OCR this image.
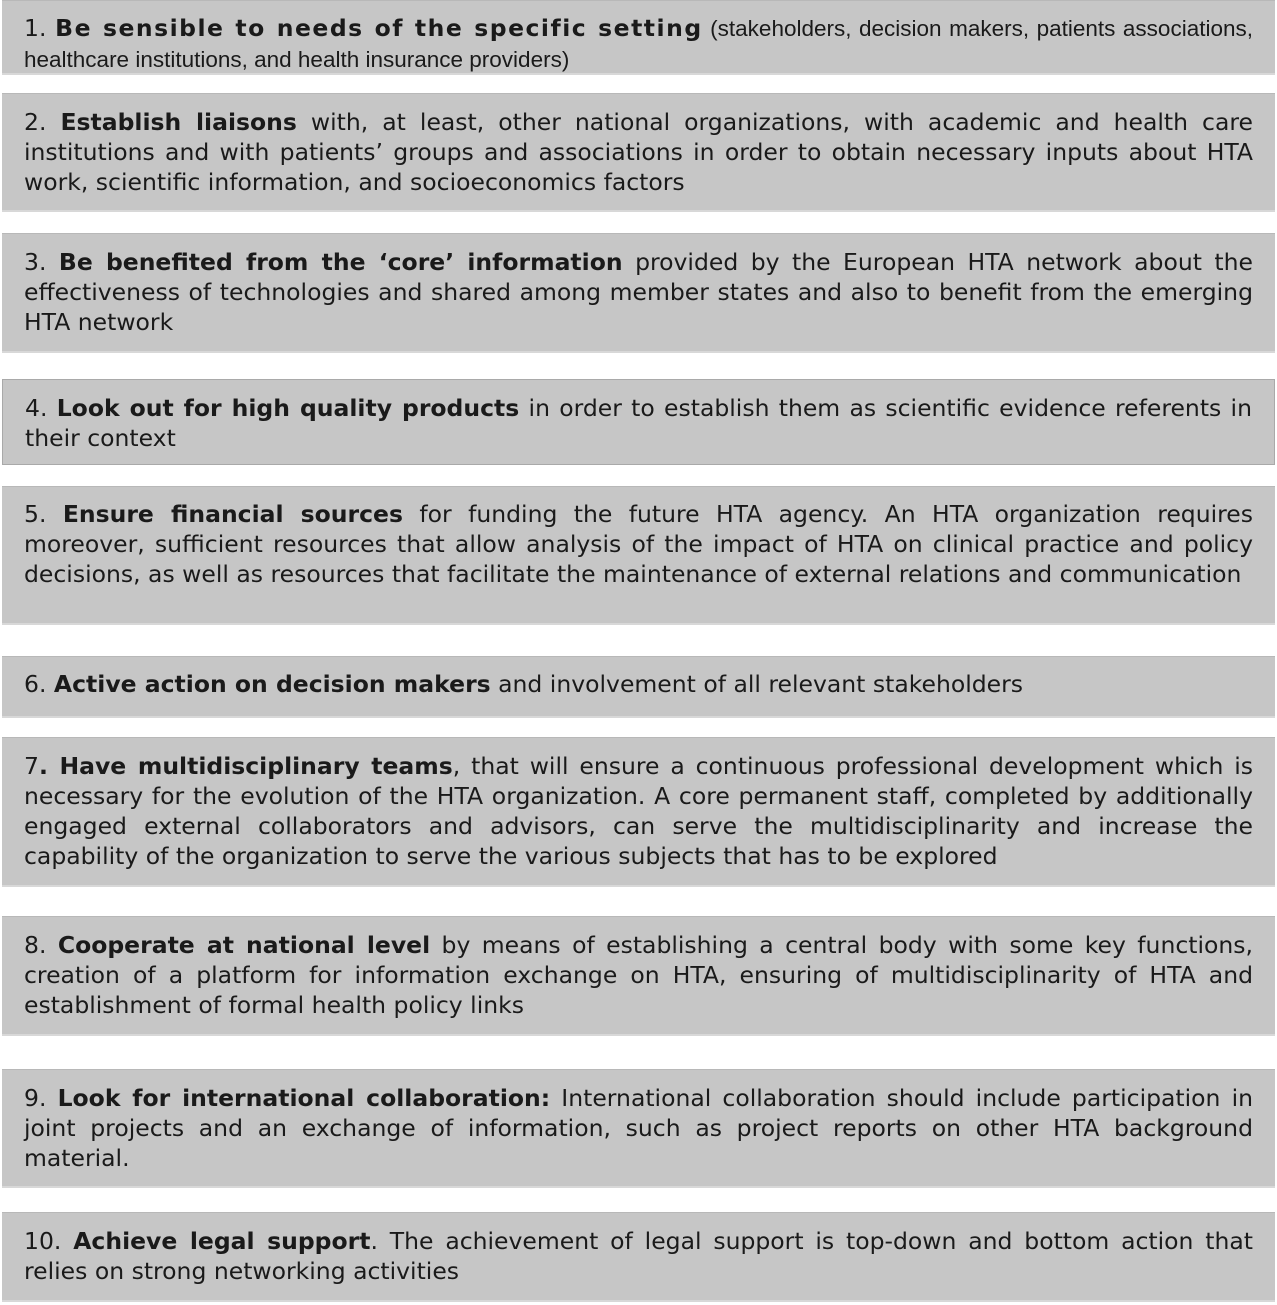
1. Be sensible to needs of the specific setting (stakeholders, decision makers, patients associations, healthcare institutions, and health insurance providers)
2. Establish liaisons with, at least, other national organizations, with academic and health care institutions and with patients’ groups and associations in order to obtain necessary inputs about HTA work, scientific information, and socioeconomics factors
3. Be benefited from the ‘core’ information provided by the European HTA network about the effectiveness of technologies and shared among member states and also to benefit from the emerging HTA network
4. Look out for high quality products in order to establish them as scientific evidence referents in their context
5. Ensure financial sources for funding the future HTA agency. An HTA organization requires moreover, sufficient resources that allow analysis of the impact of HTA on clinical practice and policy decisions, as well as resources that facilitate the maintenance of external relations and communication
6. Active action on decision makers and involvement of all relevant stakeholders
7. Have multidisciplinary teams, that will ensure a continuous professional development which is necessary for the evolution of the HTA organization. A core permanent staff, completed by additionally engaged external collaborators and advisors, can serve the multidisciplinarity and increase the capability of the organization to serve the various subjects that has to be explored
8. Cooperate at national level by means of establishing a central body with some key functions, creation of a platform for information exchange on HTA, ensuring of multidisciplinarity of HTA and establishment of formal health policy links
9. Look for international collaboration: International collaboration should include participation in joint projects and an exchange of information, such as project reports on other HTA background material.
10. Achieve legal support. The achievement of legal support is top-down and bottom action that relies on strong networking activities
